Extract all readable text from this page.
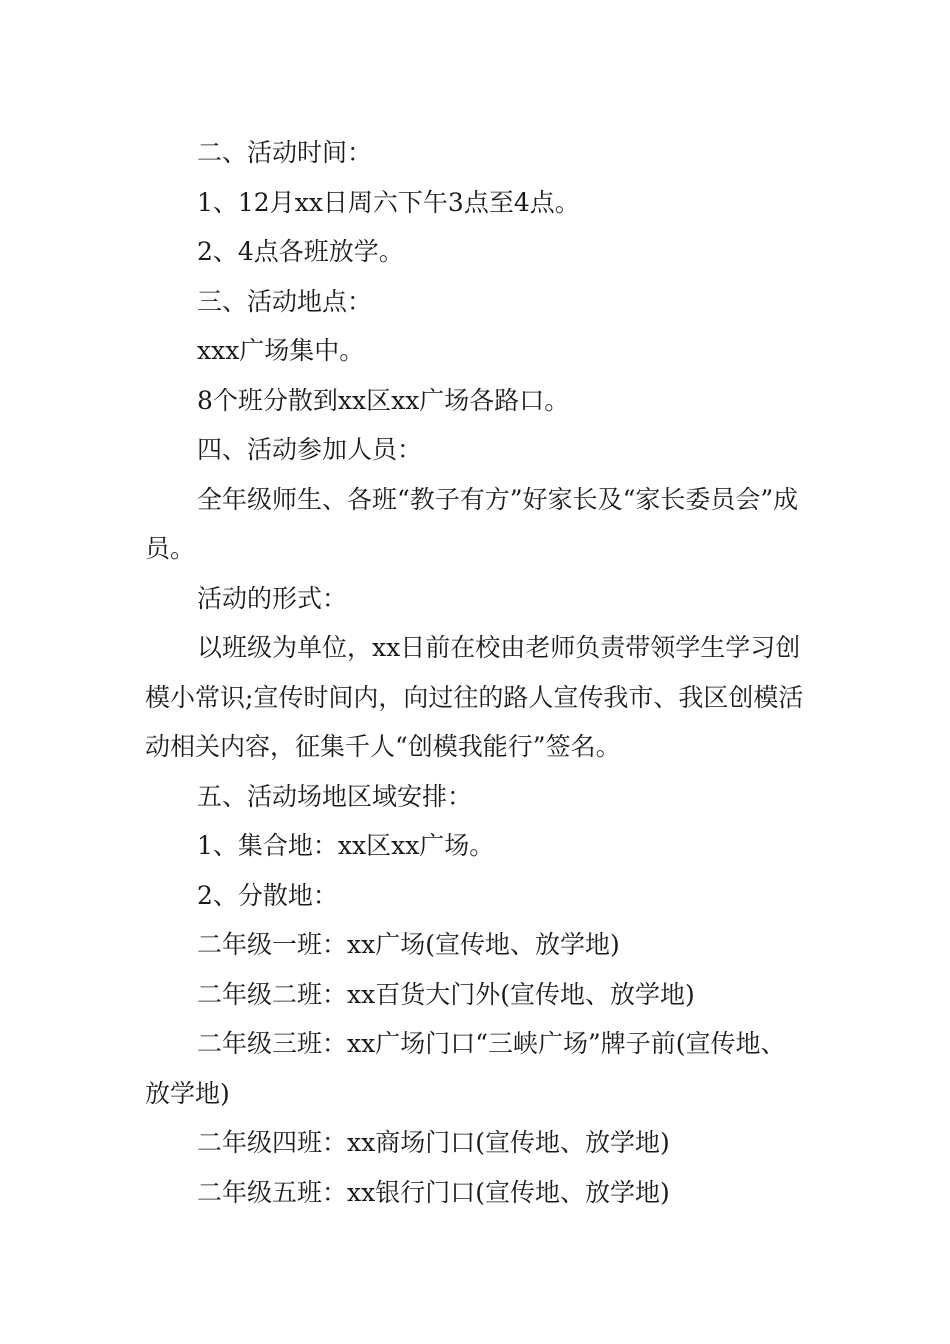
二、活动时间：

1、12月xx日周六下午3点至4点。

2、4点各班放学。

三、活动地点：

xxx广场集中。

8个班分散到xx区xx广场各路口。

四、活动参加人员：

全年级师生、各班“教子有方”好家长及“家长委员会”成员。

活动的形式：

以班级为单位，xx日前在校由老师负责带领学生学习创模小常识;宣传时间内，向过往的路人宣传我市、我区创模活动相关内容，征集千人“创模我能行”签名。

五、活动场地区域安排：

1、集合地：xx区xx广场。

2、分散地：

二年级一班：xx广场(宣传地、放学地)

二年级二班：xx百货大门外(宣传地、放学地)

二年级三班：xx广场门口“三峡广场”牌子前(宣传地、放学地)

二年级四班：xx商场门口(宣传地、放学地)

二年级五班：xx银行门口(宣传地、放学地)
